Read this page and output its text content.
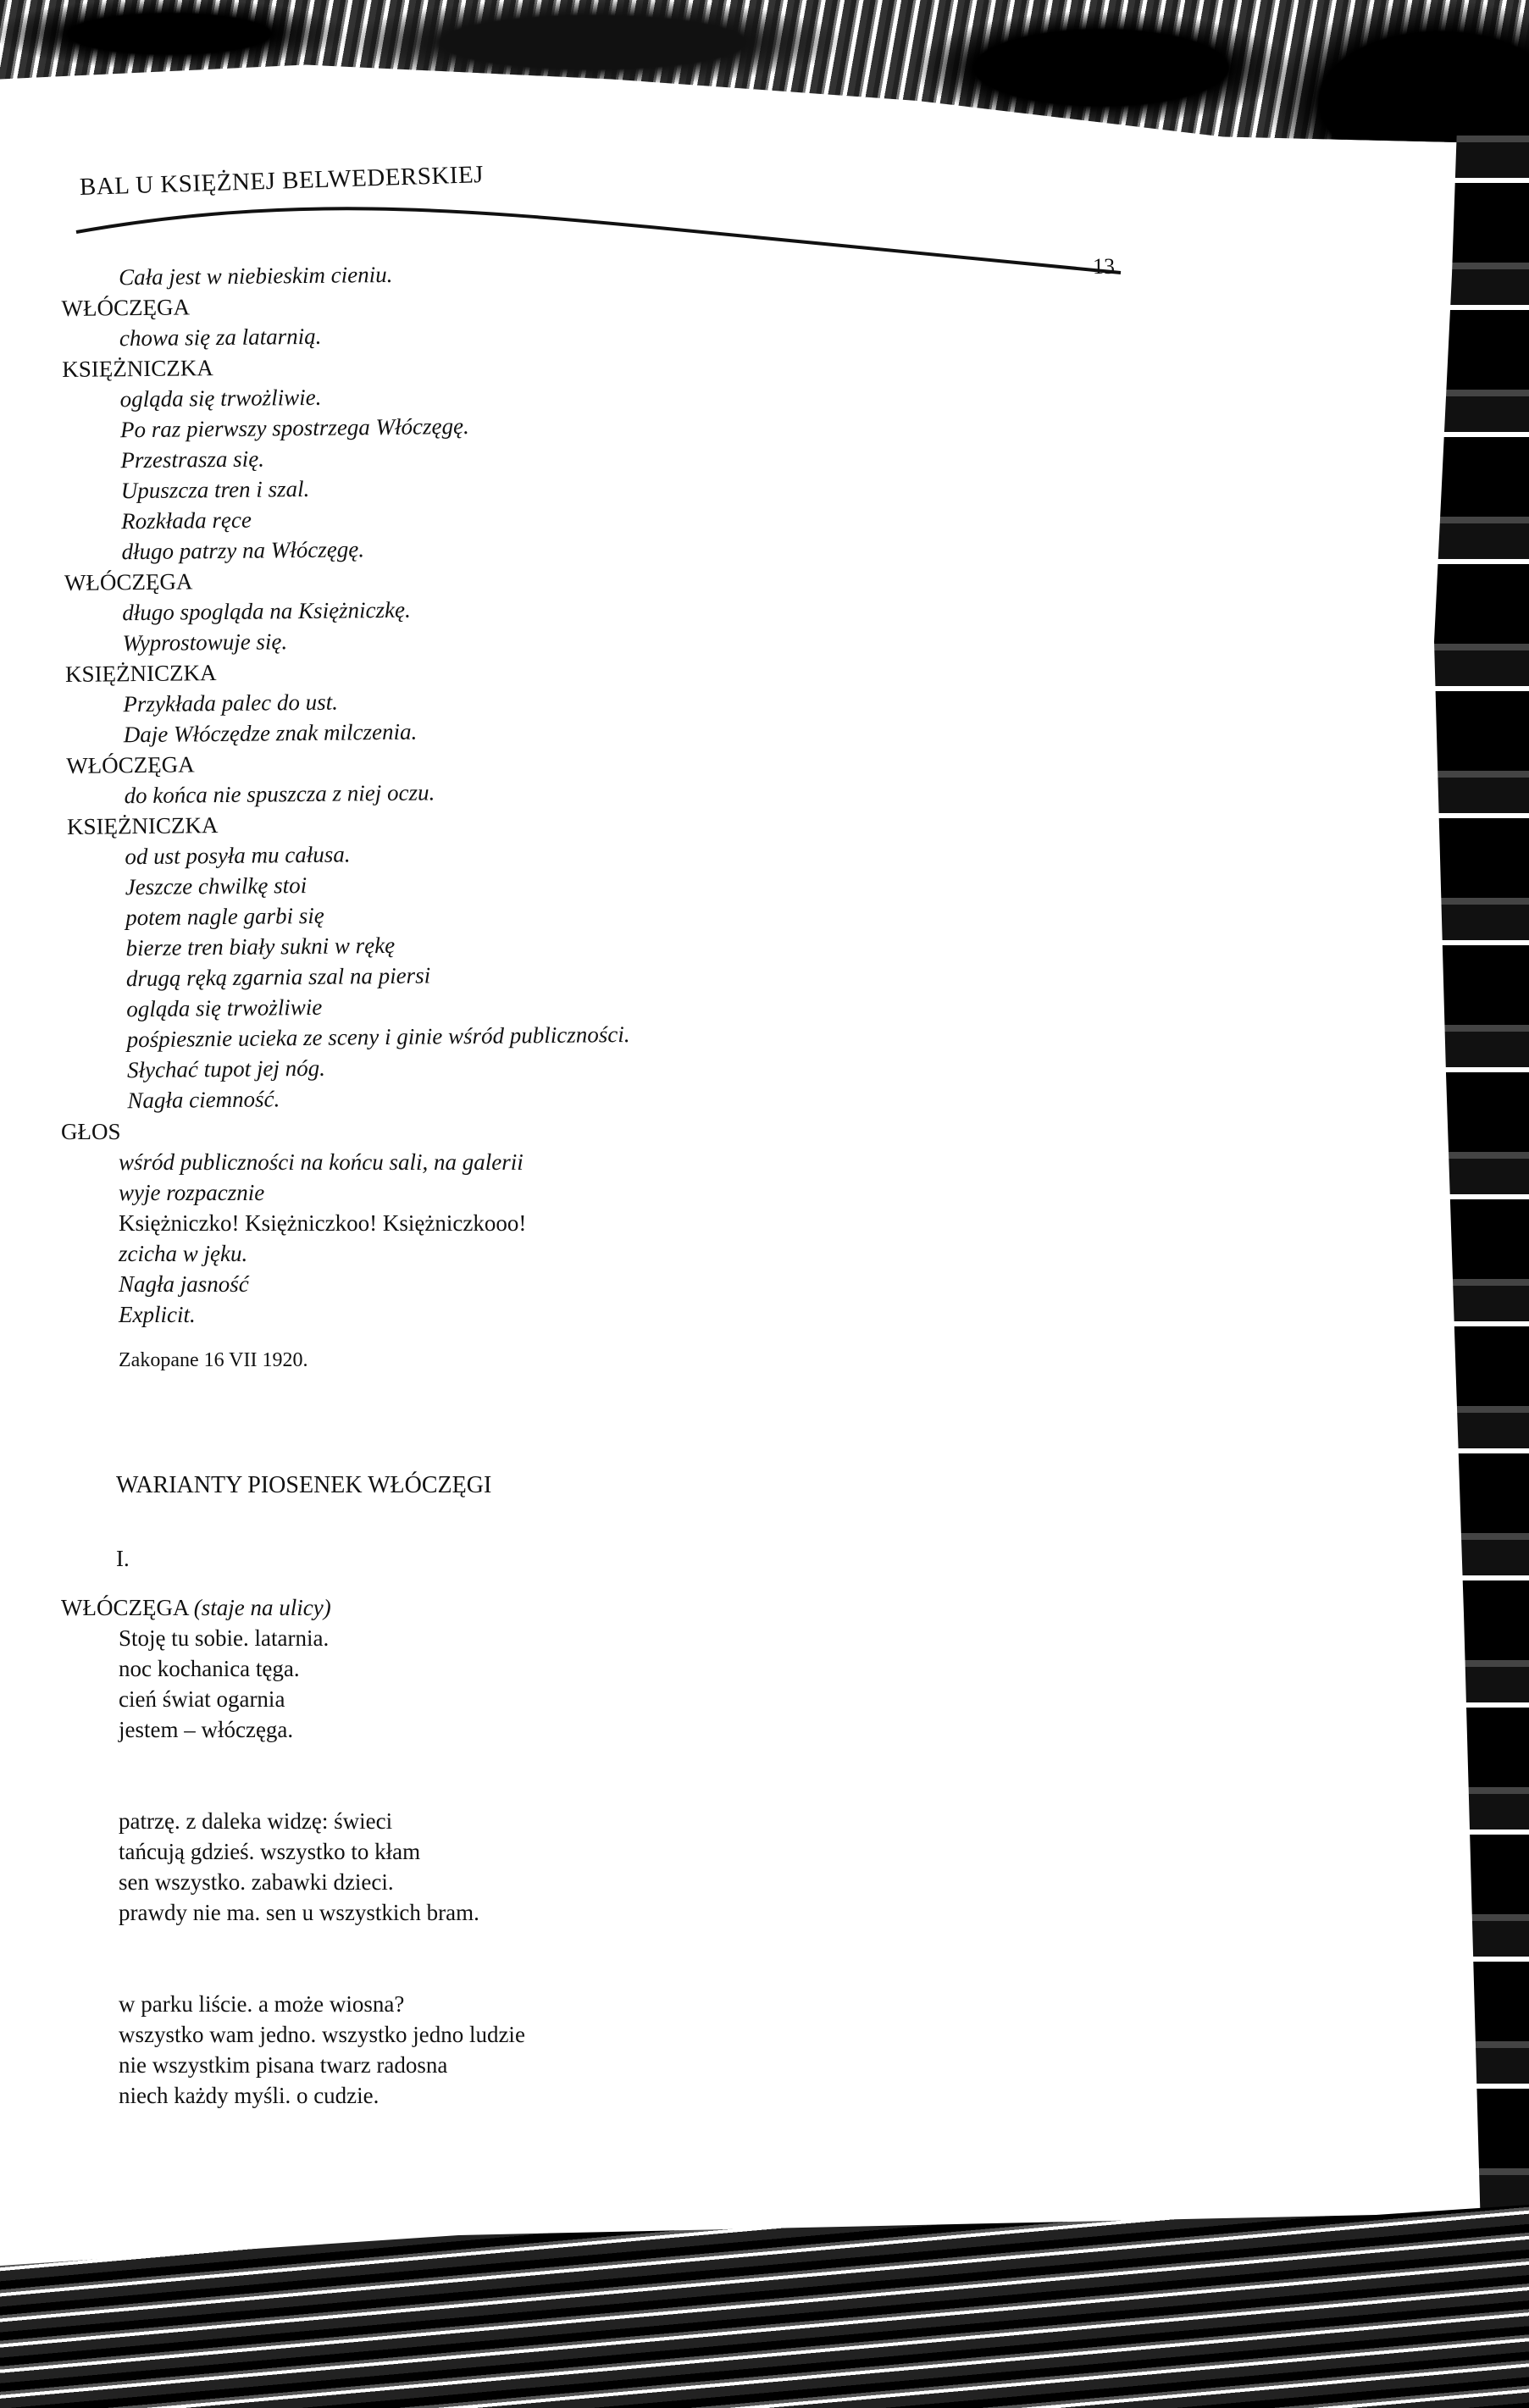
BAL U KSIĘŻNEJ BELWEDERSKIEJ
13
Cała jest w niebieskim cieniu.
WŁÓCZĘGA
chowa się za latarnią.
KSIĘŻNICZKA
ogląda się trwożliwie.
Po raz pierwszy spostrzega Włóczęgę.
Przestrasza się.
Upuszcza tren i szal.
Rozkłada ręce
długo patrzy na Włóczęgę.
WŁÓCZĘGA
długo spogląda na Księżniczkę.
Wyprostowuje się.
KSIĘŻNICZKA
Przykłada palec do ust.
Daje Włóczędze znak milczenia.
WŁÓCZĘGA
do końca nie spuszcza z niej oczu.
KSIĘŻNICZKA
od ust posyła mu całusa.
Jeszcze chwilkę stoi
potem nagle garbi się
bierze tren biały sukni w rękę
drugą ręką zgarnia szal na piersi
ogląda się trwożliwie
pośpiesznie ucieka ze sceny i ginie wśród publiczności.
Słychać tupot jej nóg.
Nagła ciemność.
GŁOS
wśród publiczności na końcu sali, na galerii
wyje rozpacznie
Księżniczko! Księżniczkoo! Księżniczkooo!
zcicha w jęku.
Nagła jasność
Explicit.
Zakopane 16 VII 1920.
WARIANTY PIOSENEK WŁÓCZĘGI
I.
WŁÓCZĘGA (staje na ulicy)
Stoję tu sobie. latarnia.
noc kochanica tęga.
cień świat ogarnia
jestem – włóczęga.
patrzę. z daleka widzę: świeci
tańcują gdzieś. wszystko to kłam
sen wszystko. zabawki dzieci.
prawdy nie ma. sen u wszystkich bram.
w parku liście. a może wiosna?
wszystko wam jedno. wszystko jedno ludzie
nie wszystkim pisana twarz radosna
niech każdy myśli. o cudzie.
